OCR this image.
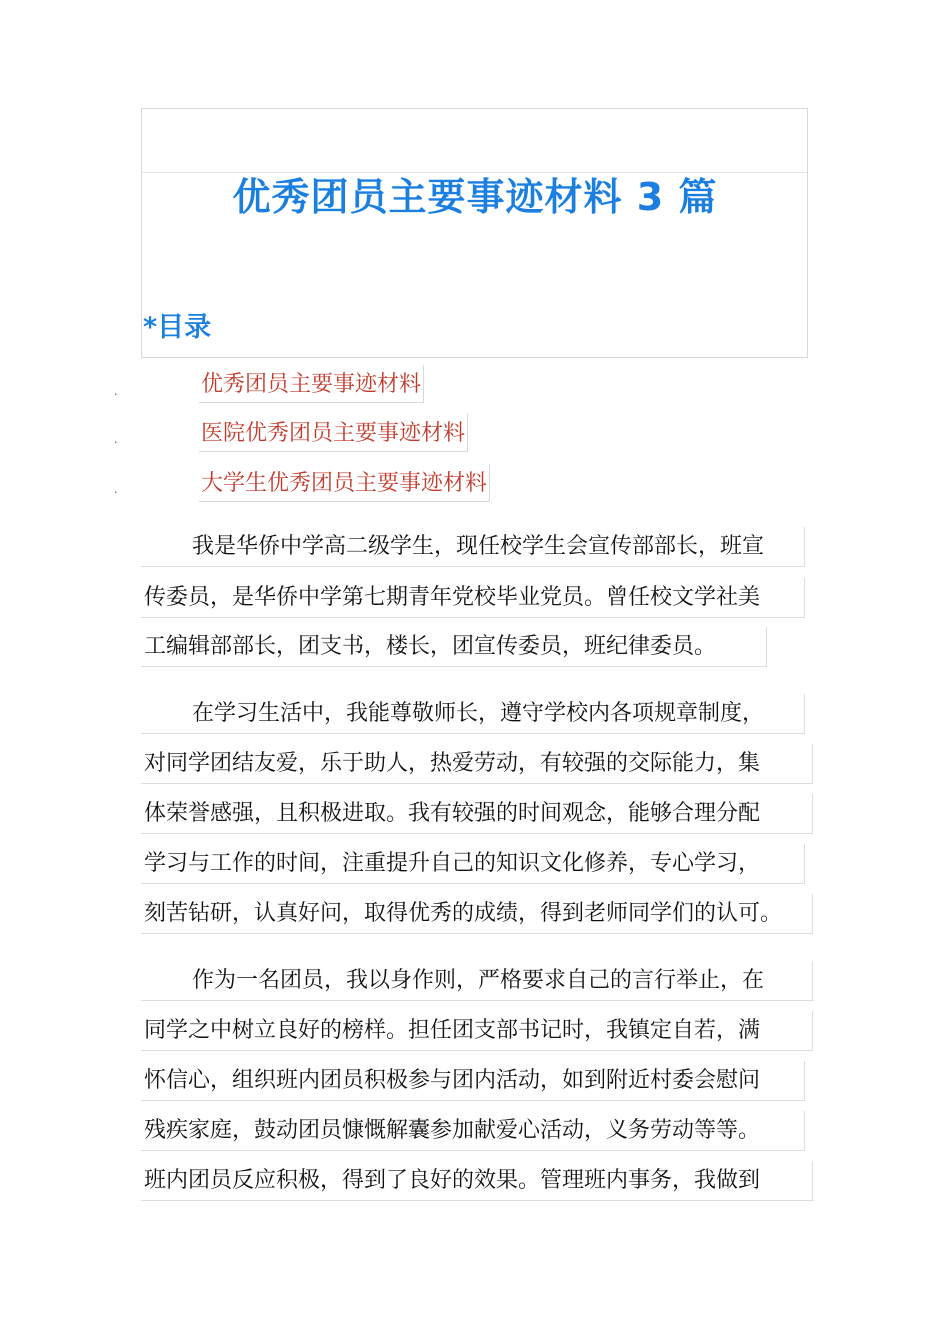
优秀团员主要事迹材料 3 篇
*目录
.	优秀团员主要事迹材料
.	医院优秀团员主要事迹材料
.	大学生优秀团员主要事迹材料
我是华侨中学高二级学生，现任校学生会宣传部部长，班宣
传委员，是华侨中学第七期青年党校毕业党员。曾任校文学社美
工编辑部部长，团支书，楼长，团宣传委员，班纪律委员。
在学习生活中，我能尊敬师长，遵守学校内各项规章制度，
对同学团结友爱，乐于助人，热爱劳动，有较强的交际能力，集
体荣誉感强，且积极进取。我有较强的时间观念，能够合理分配
学习与工作的时间，注重提升自己的知识文化修养，专心学习，
刻苦钻研，认真好问，取得优秀的成绩，得到老师同学们的认可。
作为一名团员，我以身作则，严格要求自己的言行举止，在
同学之中树立良好的榜样。担任团支部书记时，我镇定自若，满
怀信心，组织班内团员积极参与团内活动，如到附近村委会慰问
残疾家庭，鼓动团员慷慨解囊参加献爱心活动，义务劳动等等。
班内团员反应积极，得到了良好的效果。管理班内事务，我做到
